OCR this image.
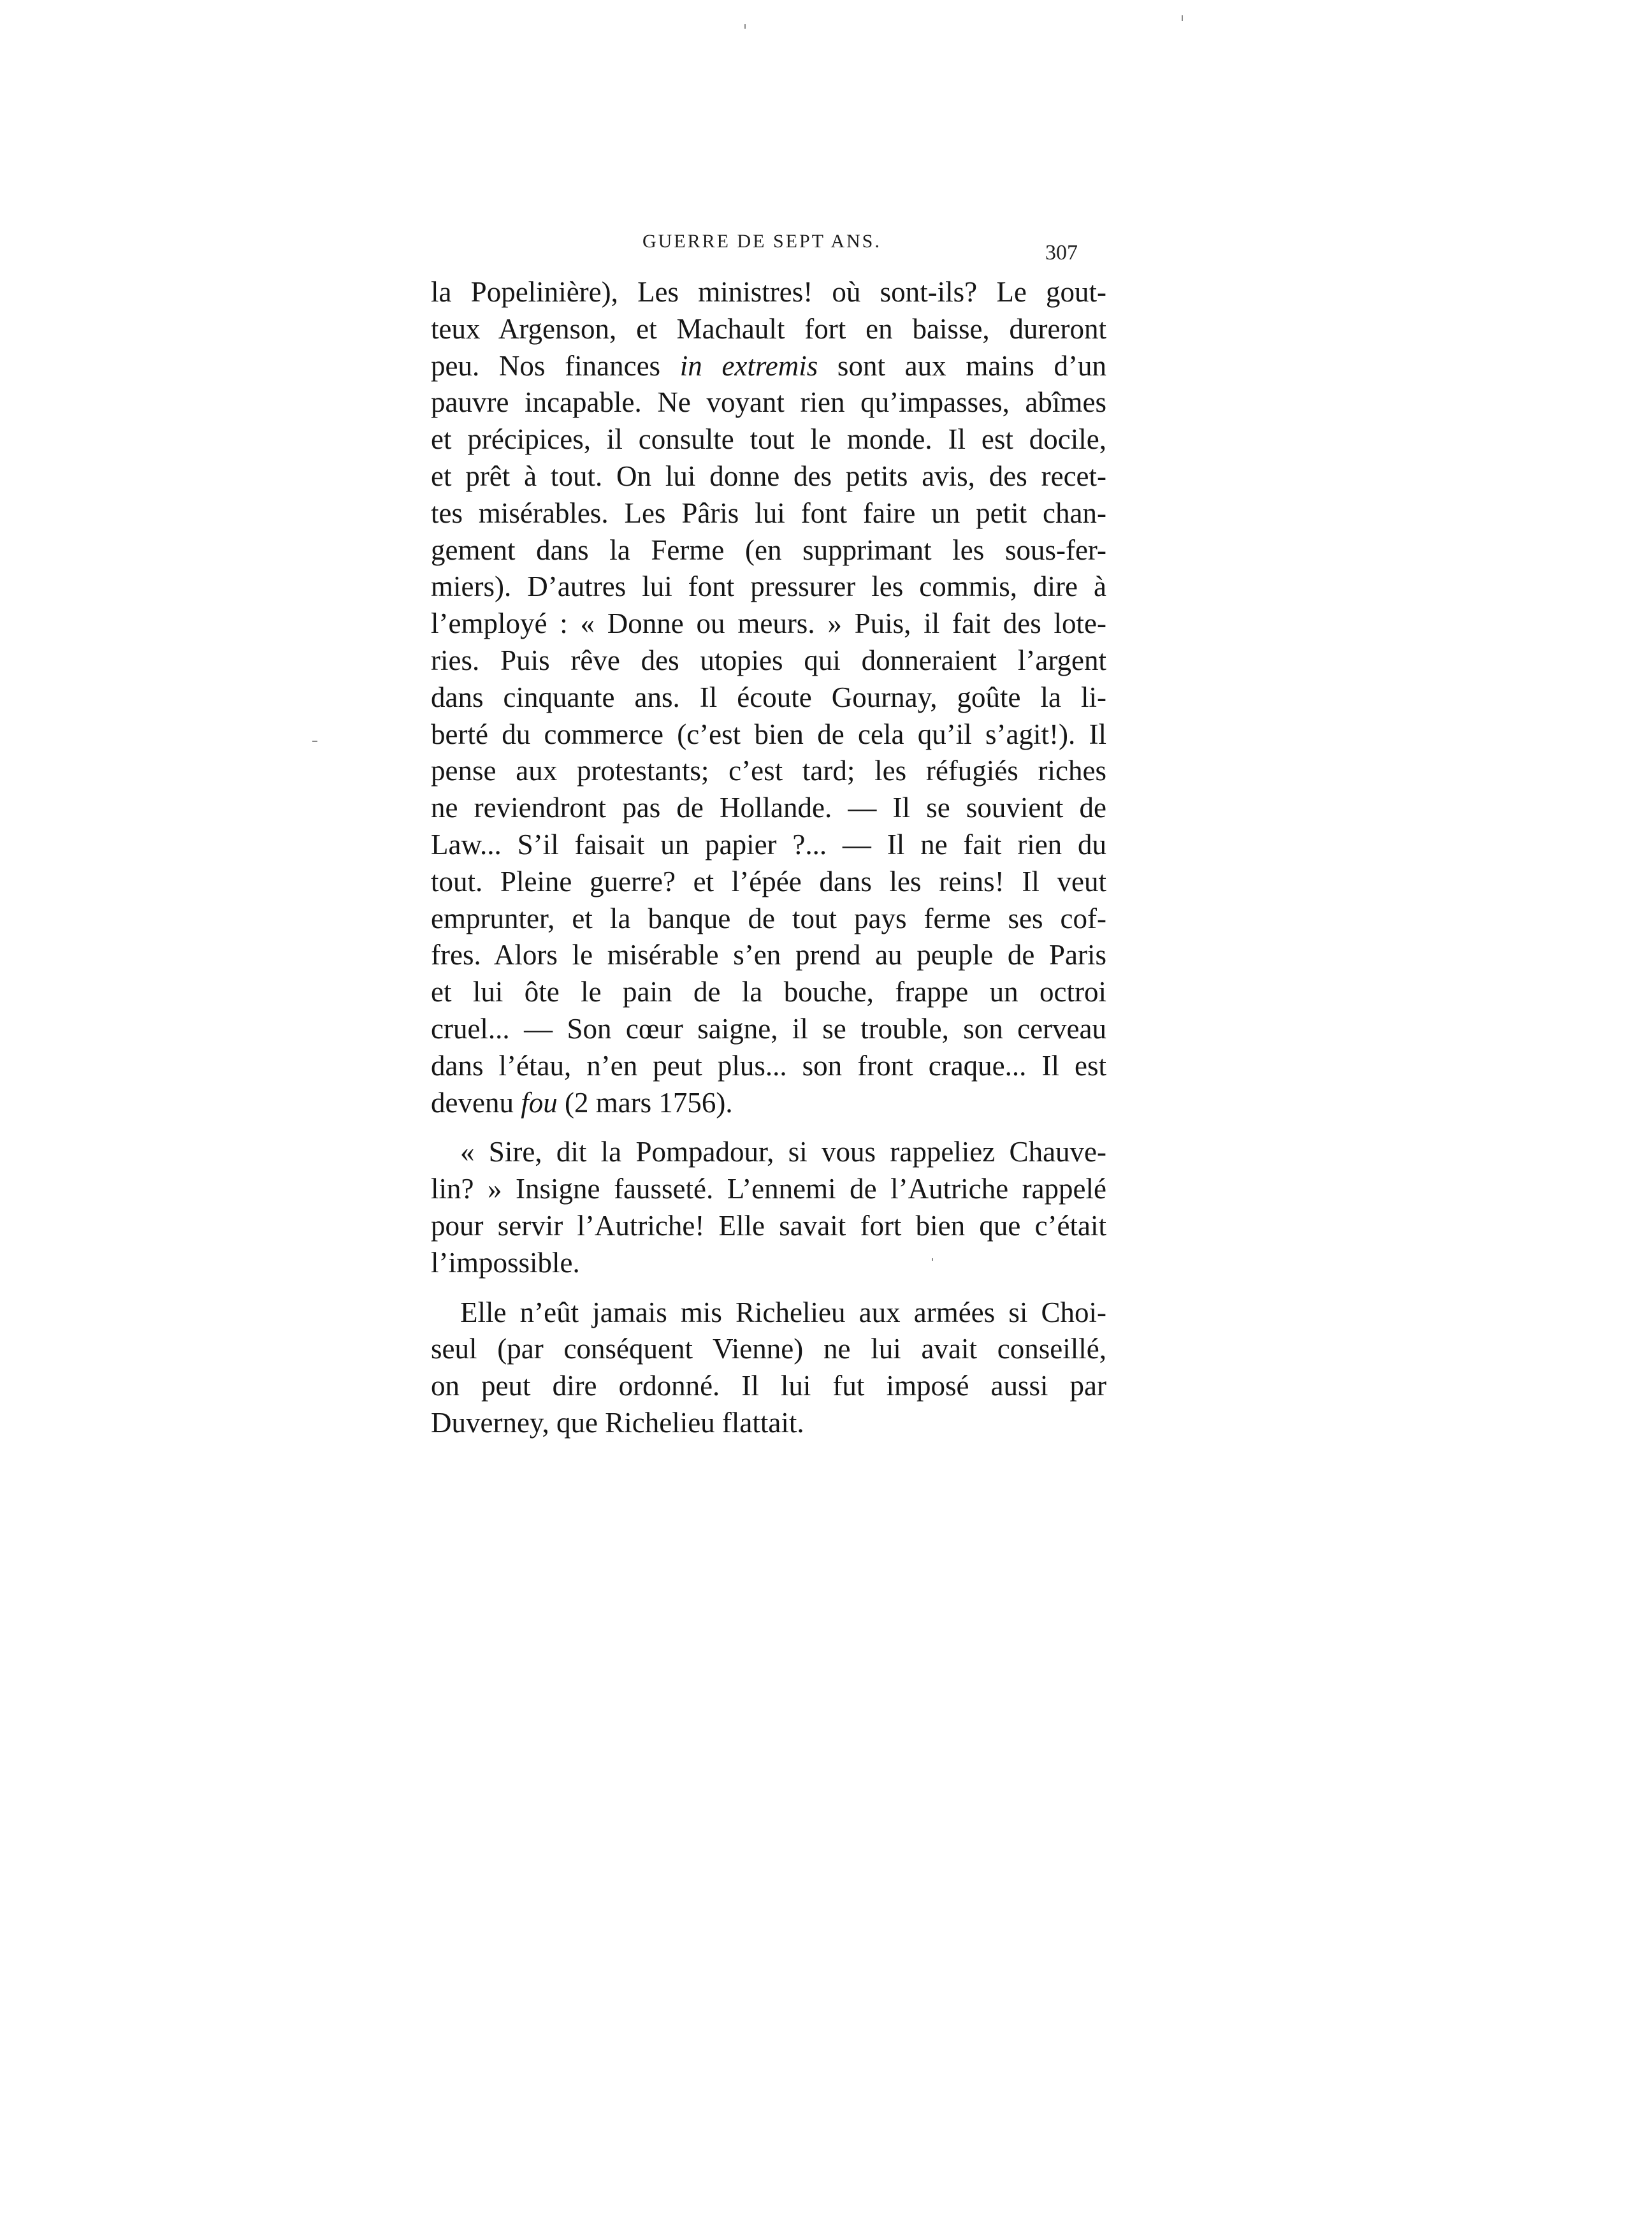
GUERRE DE SEPT ANS.	307
la Popelinière), Les ministres! où sont-ils? Le gout-
teux Argenson, et Machault fort en baisse, dureront
peu. Nos finances in extremis sont aux mains d’un
pauvre incapable. Ne voyant rien qu’impasses, abîmes
et précipices, il consulte tout le monde. Il est docile,
et prêt à tout. On lui donne des petits avis, des recet-
tes misérables. Les Pâris lui font faire un petit chan-
gement dans la Ferme (en supprimant les sous-fer-
miers). D’autres lui font pressurer les commis, dire à
l’employé : « Donne ou meurs. » Puis, il fait des lote-
ries. Puis rêve des utopies qui donneraient l’argent
dans cinquante ans. Il écoute Gournay, goûte la li-
berté du commerce (c’est bien de cela qu’il s’agit!). Il
pense aux protestants; c’est tard; les réfugiés riches
ne reviendront pas de Hollande. — Il se souvient de
Law... S’il faisait un papier ?... — Il ne fait rien du
tout. Pleine guerre? et l’épée dans les reins! Il veut
emprunter, et la banque de tout pays ferme ses cof-
fres. Alors le misérable s’en prend au peuple de Paris
et lui ôte le pain de la bouche, frappe un octroi
cruel... — Son cœur saigne, il se trouble, son cerveau
dans l’étau, n’en peut plus... son front craque... Il est
devenu fou (2 mars 1756).
« Sire, dit la Pompadour, si vous rappeliez Chauve-
lin? » Insigne fausseté. L’ennemi de l’Autriche rappelé
pour servir l’Autriche! Elle savait fort bien que c’était
l’impossible.
Elle n’eût jamais mis Richelieu aux armées si Choi-
seul (par conséquent Vienne) ne lui avait conseillé,
on peut dire ordonné. Il lui fut imposé aussi par
Duverney, que Richelieu flattait.
